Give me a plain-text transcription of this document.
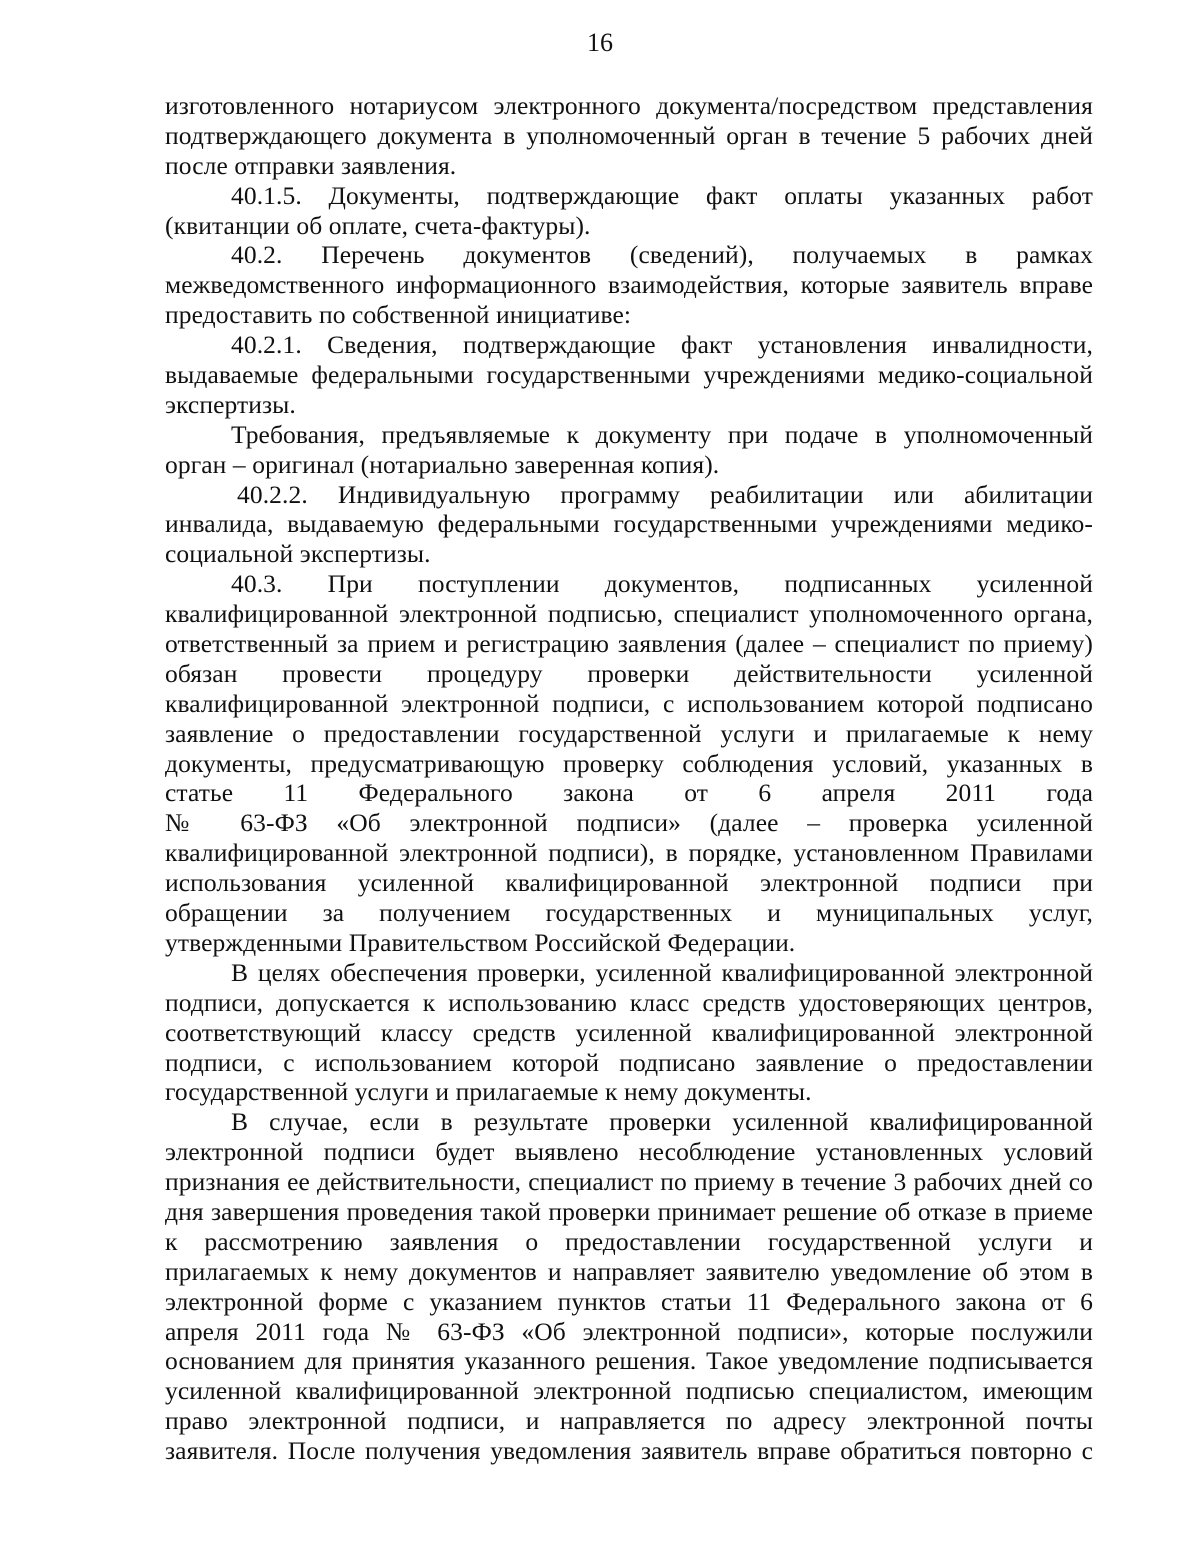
16
изготовленного нотариусом электронного документа/посредством представления
подтверждающего документа в уполномоченный орган в течение 5 рабочих дней
после отправки заявления.
40.1.5. Документы, подтверждающие факт оплаты указанных работ
(квитанции об оплате, счета-фактуры).
40.2. Перечень документов (сведений), получаемых в рамках
межведомственного информационного взаимодействия, которые заявитель вправе
предоставить по собственной инициативе:
40.2.1. Сведения, подтверждающие факт установления инвалидности,
выдаваемые федеральными государственными учреждениями медико-социальной
экспертизы.
Требования, предъявляемые к документу при подаче в уполномоченный
орган – оригинал (нотариально заверенная копия).
40.2.2. Индивидуальную программу реабилитации или абилитации
инвалида, выдаваемую федеральными государственными учреждениями медико-
социальной экспертизы.
40.3. При поступлении документов, подписанных усиленной
квалифицированной электронной подписью, специалист уполномоченного органа,
ответственный за прием и регистрацию заявления (далее – специалист по приему)
обязан провести процедуру проверки действительности усиленной
квалифицированной электронной подписи, с использованием которой подписано
заявление о предоставлении государственной услуги и прилагаемые к нему
документы, предусматривающую проверку соблюдения условий, указанных в
статье 11 Федерального закона от 6 апреля 2011 года
№ 63-ФЗ «Об электронной подписи» (далее – проверка усиленной
квалифицированной электронной подписи), в порядке, установленном Правилами
использования усиленной квалифицированной электронной подписи при
обращении за получением государственных и муниципальных услуг,
утвержденными Правительством Российской Федерации.
В целях обеспечения проверки, усиленной квалифицированной электронной
подписи, допускается к использованию класс средств удостоверяющих центров,
соответствующий классу средств усиленной квалифицированной электронной
подписи, с использованием которой подписано заявление о предоставлении
государственной услуги и прилагаемые к нему документы.
В случае, если в результате проверки усиленной квалифицированной
электронной подписи будет выявлено несоблюдение установленных условий
признания ее действительности, специалист по приему в течение 3 рабочих дней со
дня завершения проведения такой проверки принимает решение об отказе в приеме
к рассмотрению заявления о предоставлении государственной услуги и
прилагаемых к нему документов и направляет заявителю уведомление об этом в
электронной форме с указанием пунктов статьи 11 Федерального закона от 6
апреля 2011 года № 63-ФЗ «Об электронной подписи», которые послужили
основанием для принятия указанного решения. Такое уведомление подписывается
усиленной квалифицированной электронной подписью специалистом, имеющим
право электронной подписи, и направляется по адресу электронной почты
заявителя. После получения уведомления заявитель вправе обратиться повторно с
